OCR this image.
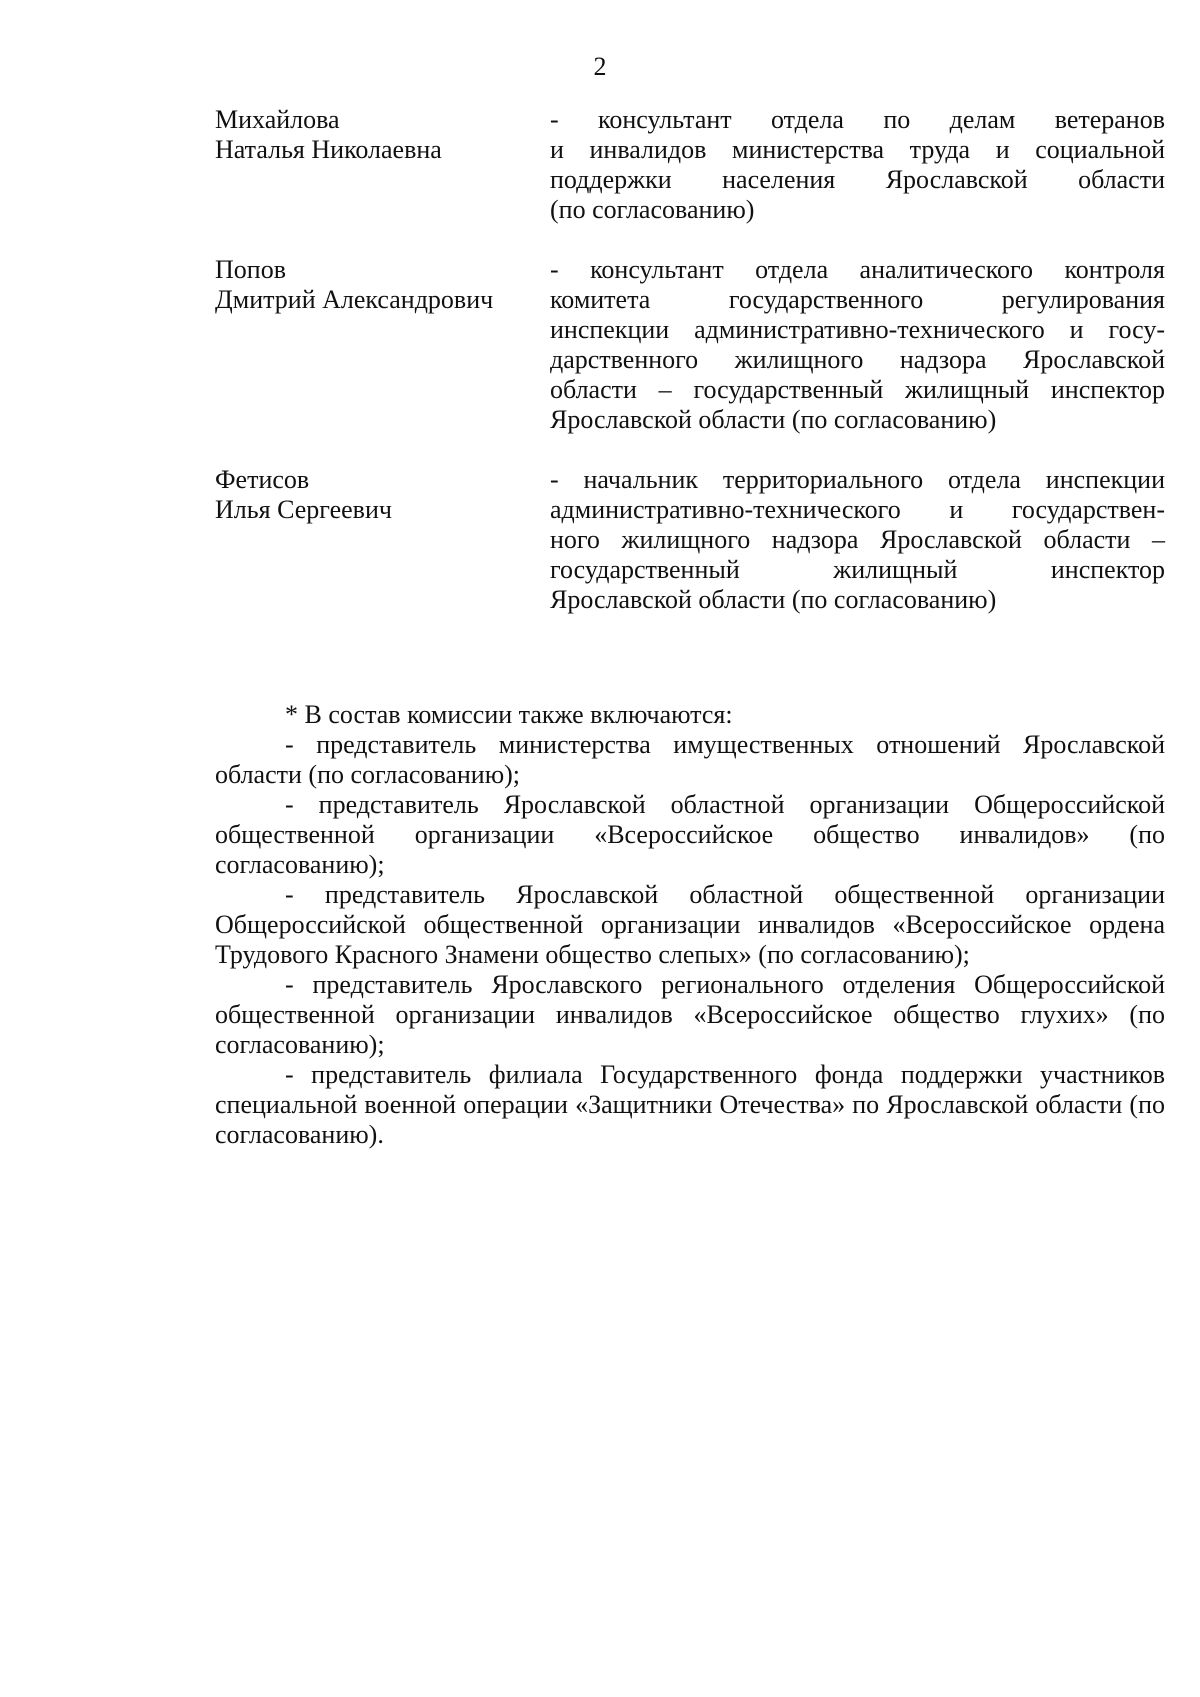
2
Михайлова
Наталья Николаевна
- консультант отдела по делам ветеранов
и инвалидов министерства труда и социальной
поддержки населения Ярославской области
(по согласованию)
Попов
Дмитрий Александрович
- консультант отдела аналитического контроля
комитета государственного регулирования
инспекции административно-технического и госу-
дарственного жилищного надзора Ярославской
области – государственный жилищный инспектор
Ярославской области (по согласованию)
Фетисов
Илья Сергеевич
- начальник территориального отдела инспекции
административно-технического и государствен-
ного жилищного надзора Ярославской области –
государственный жилищный инспектор
Ярославской области (по согласованию)

* В состав комиссии также включаются:

- представитель министерства имущественных отношений Ярославской области (по согласованию);

- представитель Ярославской областной организации Общероссийской общественной организации «Всероссийское общество инвалидов» (по согласованию);

- представитель Ярославской областной общественной организации Общероссийской общественной организации инвалидов «Всероссийское ордена Трудового Красного Знамени общество слепых» (по согласованию);

- представитель Ярославского регионального отделения Общероссийской общественной организации инвалидов «Всероссийское общество глухих» (по согласованию);

- представитель филиала Государственного фонда поддержки участников специальной военной операции «Защитники Отечества» по Ярославской области (по согласованию).
